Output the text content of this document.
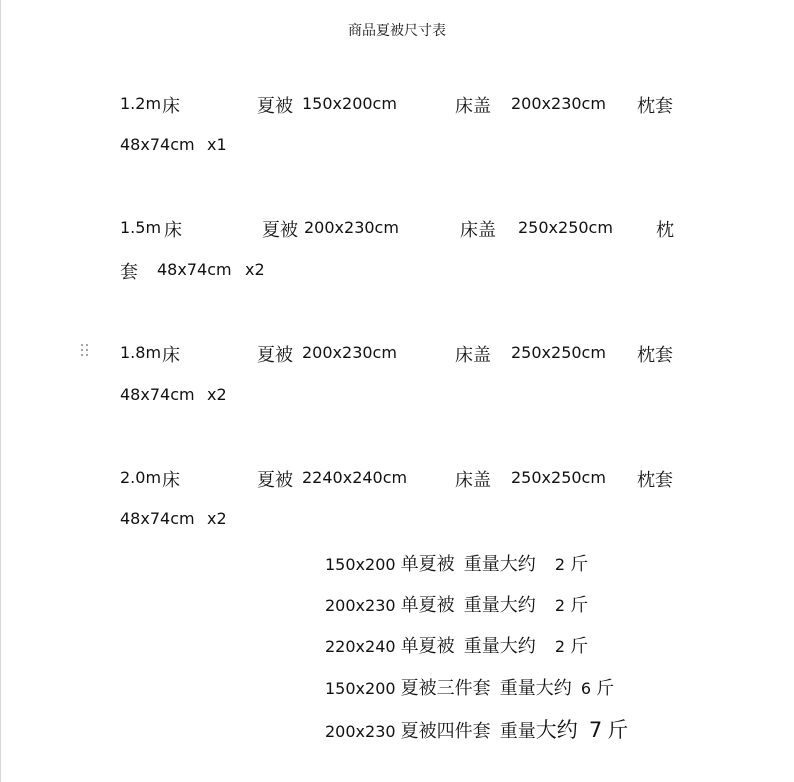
商品夏被尺寸表
1.2m 床	夏被 150x200cm	床盖 200x230cm 枕套
48x74cm x1
1.5m 床	夏被 200x230cm	床盖 250x250cm 枕
套 48x74cm x2
1.8m 床	夏被 200x230cm	床盖 250x250cm 枕套
48x74cm x2
2.0m 床	夏被 2240x240cm	床盖 250x250cm 枕套
48x74cm x2
150x200 单夏被 重量大约 2 斤
200x230 单夏被 重量大约 2 斤
220x240 单夏被 重量大约 2 斤
150x200 夏被三件套 重量大约 6 斤
200x230 夏被四件套 重量大约 7 斤
